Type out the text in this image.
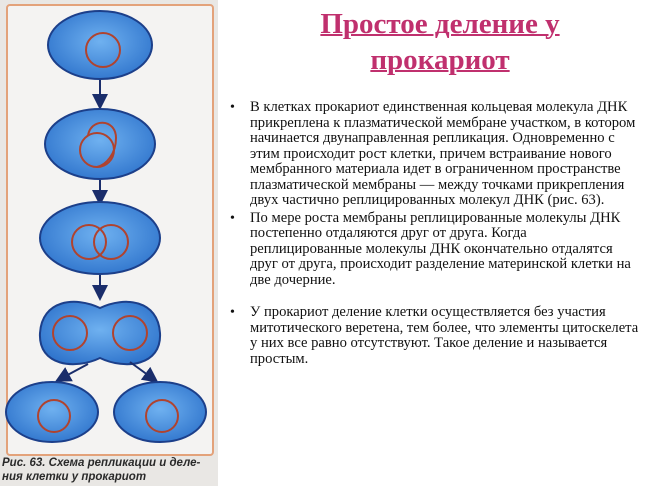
Рис. 63. Схема репликации и деле-
ния клетки у прокариот
Простое деление у
прокариот
• В клетках прокариот единственная кольцевая молекула ДНК прикреплена к плазматической мембране участком, в котором начинается двунаправленная репликация. Одновременно с этим происходит рост клетки, причем встраивание нового мембранного материала идет в ограниченном пространстве плазматической мембраны — между точками прикрепления двух частично реплицированных молекул ДНК (рис. 63).
• По мере роста мембраны реплицированные молекулы ДНК постепенно отдаляются друг от друга. Когда реплицированные молекулы ДНК окончательно отдалятся друг от друга, происходит разделение материнской клетки на две дочерние.
• У прокариот деление клетки осуществляется без участия митотического веретена, тем более, что элементы цитоскелета у них все равно отсутствуют. Такое деление и называется простым.
